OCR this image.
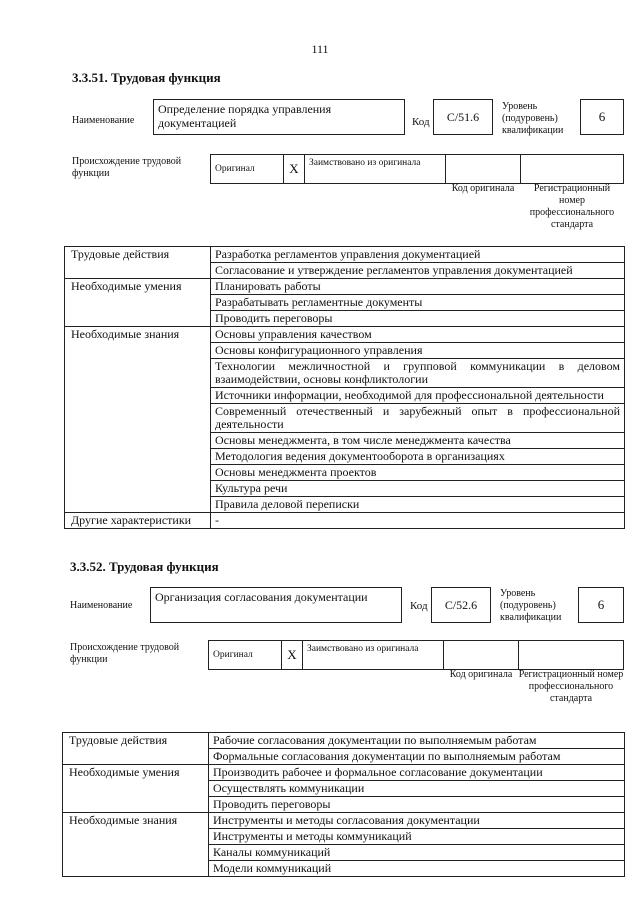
111
3.3.51. Трудовая функция
Наименование
Определение порядка управления документацией	Код	C/51.6
Уровень (подуровень) квалификации
6
Происхождение трудовой функции	Оригинал	X	Заимствовано из оригинала
Код оригинала	Регистрационный номер профессионального стандарта
Трудовые действия	Разработка регламентов управления документацией
	Согласование и утверждение регламентов управления документацией
Необходимые умения	Планировать работы
	Разрабатывать регламентные документы
	Проводить переговоры
Необходимые знания	Основы управления качеством
	Основы конфигурационного управления
	Технологии межличностной и групповой коммуникации в деловом взаимодействии, основы конфликтологии
	Источники информации, необходимой для профессиональной деятельности
	Современный отечественный и зарубежный опыт в профессиональной деятельности
	Основы менеджмента, в том числе менеджмента качества
	Методология ведения документооборота в организациях
	Основы менеджмента проектов
	Культура речи
	Правила деловой переписки
Другие характеристики	-
3.3.52. Трудовая функция
Наименование
Организация согласования документации
Код	C/52.6
Уровень (подуровень) квалификации
6
Происхождение трудовой функции	Оригинал	X	Заимствовано из оригинала
Код оригинала Регистрационный номер профессионального стандарта
Трудовые действия	Рабочие согласования документации по выполняемым работам
	Формальные согласования документации по выполняемым работам
Необходимые умения	Производить рабочее и формальное согласование документации
	Осуществлять коммуникации
	Проводить переговоры
Необходимые знания	Инструменты и методы согласования документации
	Инструменты и методы коммуникаций
	Каналы коммуникаций
	Модели коммуникаций
